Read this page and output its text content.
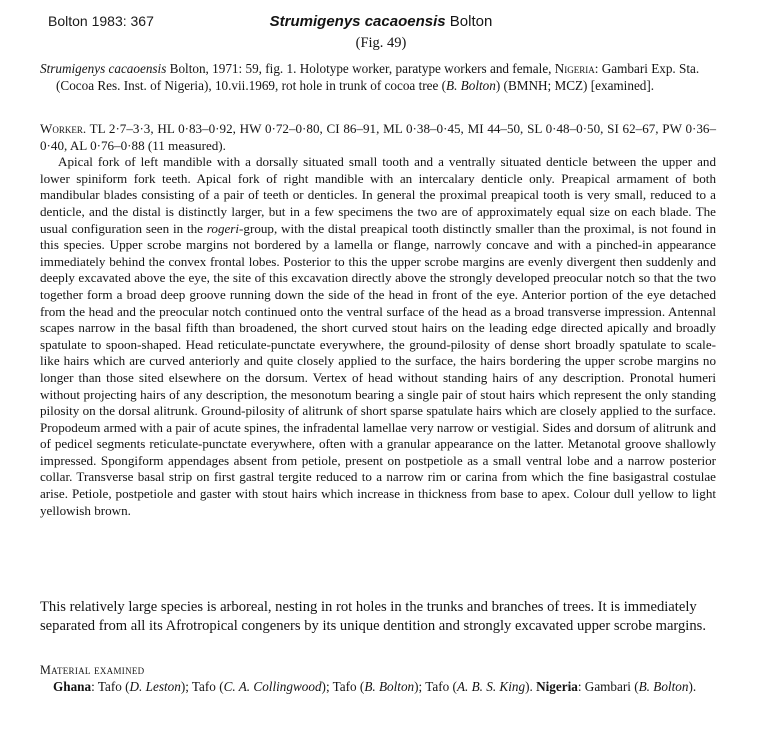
Bolton 1983: 367	Strumigenys cacaoensis Bolton
(Fig. 49)
Strumigenys cacaoensis Bolton, 1971: 59, fig. 1. Holotype worker, paratype workers and female, Nigeria: Gambari Exp. Sta. (Cocoa Res. Inst. of Nigeria), 10.vii.1969, rot hole in trunk of cocoa tree (B. Bolton) (BMNH; MCZ) [examined].
Worker. TL 2·7–3·3, HL 0·83–0·92, HW 0·72–0·80, CI 86–91, ML 0·38–0·45, MI 44–50, SL 0·48–0·50, SI 62–67, PW 0·36–0·40, AL 0·76–0·88 (11 measured).
Apical fork of left mandible with a dorsally situated small tooth and a ventrally situated denticle between the upper and lower spiniform fork teeth. Apical fork of right mandible with an intercalary denticle only. Preapical armament of both mandibular blades consisting of a pair of teeth or denticles. In general the proximal preapical tooth is very small, reduced to a denticle, and the distal is distinctly larger, but in a few specimens the two are of approximately equal size on each blade. The usual configuration seen in the rogeri-group, with the distal preapical tooth distinctly smaller than the proximal, is not found in this species. Upper scrobe margins not bordered by a lamella or flange, narrowly concave and with a pinched-in appearance immediately behind the convex frontal lobes. Posterior to this the upper scrobe margins are evenly divergent then suddenly and deeply excavated above the eye, the site of this excavation directly above the strongly developed preocular notch so that the two together form a broad deep groove running down the side of the head in front of the eye. Anterior portion of the eye detached from the head and the preocular notch continued onto the ventral surface of the head as a broad transverse impression. Antennal scapes narrow in the basal fifth than broadened, the short curved stout hairs on the leading edge directed apically and broadly spatulate to spoon-shaped. Head reticulate-punctate everywhere, the ground-pilosity of dense short broadly spatulate to scale-like hairs which are curved anteriorly and quite closely applied to the surface, the hairs bordering the upper scrobe margins no longer than those sited elsewhere on the dorsum. Vertex of head without standing hairs of any description. Pronotal humeri without projecting hairs of any description, the mesonotum bearing a single pair of stout hairs which represent the only standing pilosity on the dorsal alitrunk. Ground-pilosity of alitrunk of short sparse spatulate hairs which are closely applied to the surface. Propodeum armed with a pair of acute spines, the infradental lamellae very narrow or vestigial. Sides and dorsum of alitrunk and of pedicel segments reticulate-punctate everywhere, often with a granular appearance on the latter. Metanotal groove shallowly impressed. Spongiform appendages absent from petiole, present on postpetiole as a small ventral lobe and a narrow posterior collar. Transverse basal strip on first gastral tergite reduced to a narrow rim or carina from which the fine basigastral costulae arise. Petiole, postpetiole and gaster with stout hairs which increase in thickness from base to apex. Colour dull yellow to light yellowish brown.
This relatively large species is arboreal, nesting in rot holes in the trunks and branches of trees. It is immediately separated from all its Afrotropical congeners by its unique dentition and strongly excavated upper scrobe margins.
Material examined
Ghana: Tafo (D. Leston); Tafo (C. A. Collingwood); Tafo (B. Bolton); Tafo (A. B. S. King). Nigeria: Gambari (B. Bolton).
